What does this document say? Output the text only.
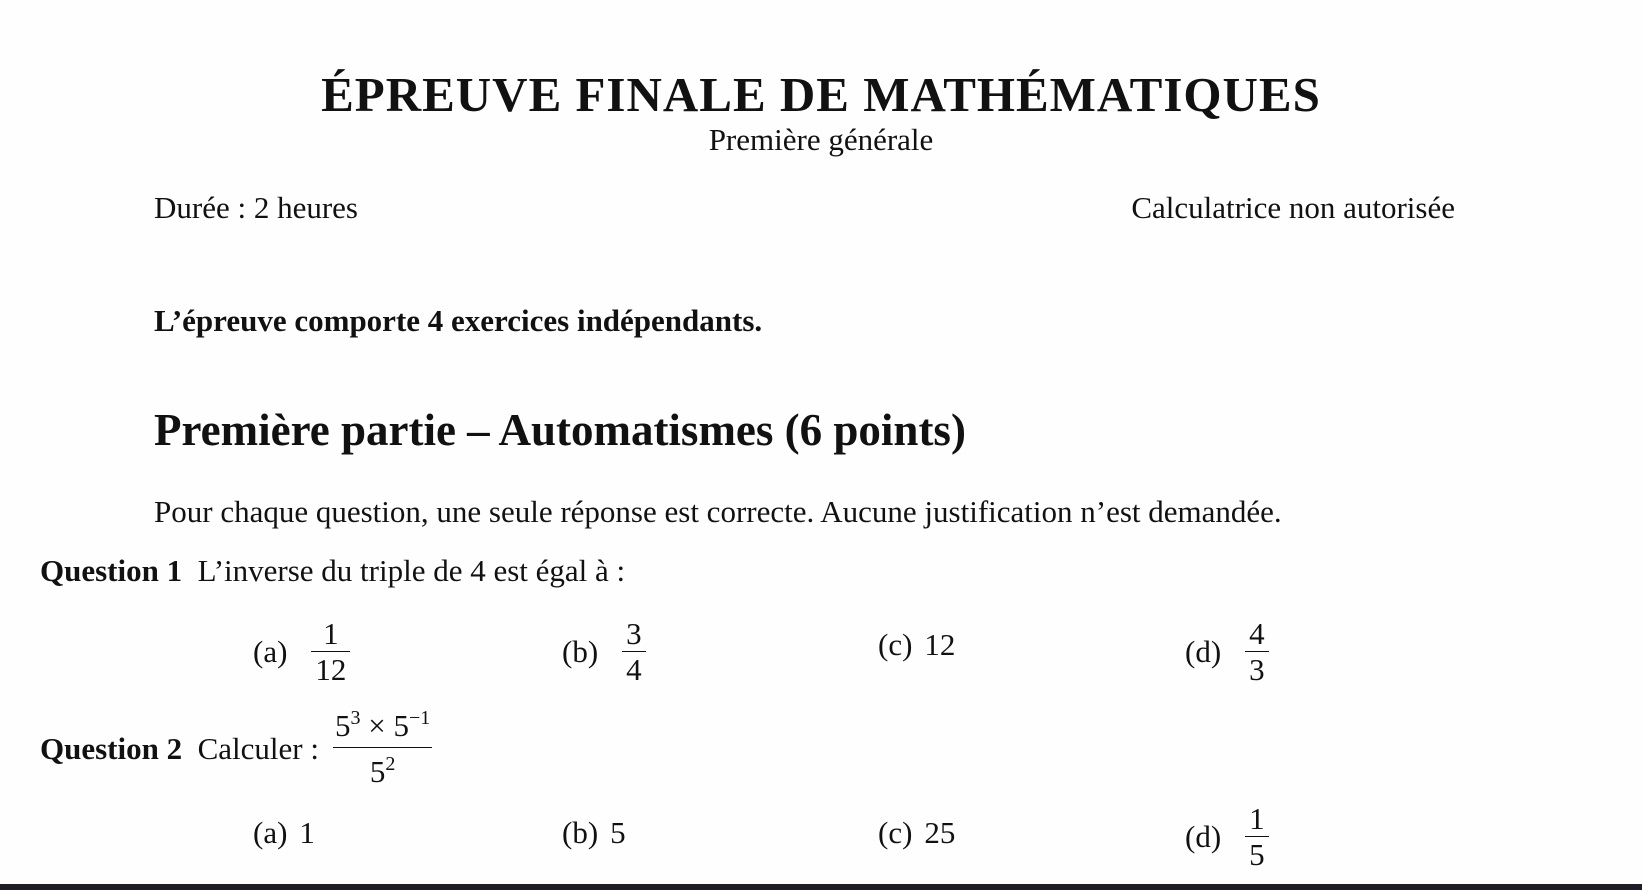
ÉPREUVE FINALE DE MATHÉMATIQUES
Première générale
Durée : 2 heures	Calculatrice non autorisée
L’épreuve comporte 4 exercices indépendants.
Première partie – Automatismes (6 points)
Pour chaque question, une seule réponse est correcte. Aucune justification n’est demandée.
Question 1 L’inverse du triple de 4 est égal à :
$(a) \frac{1}{12}$	$(b) \frac{3}{4}$	(c) 12	$(d) \frac{4}{3}$
Question 2
Calculer : $\frac{5^3 \times 5^{-1}}{5^2}$
(a) 1	(b) 5	(c) 25	$(d) \frac{1}{5}$
